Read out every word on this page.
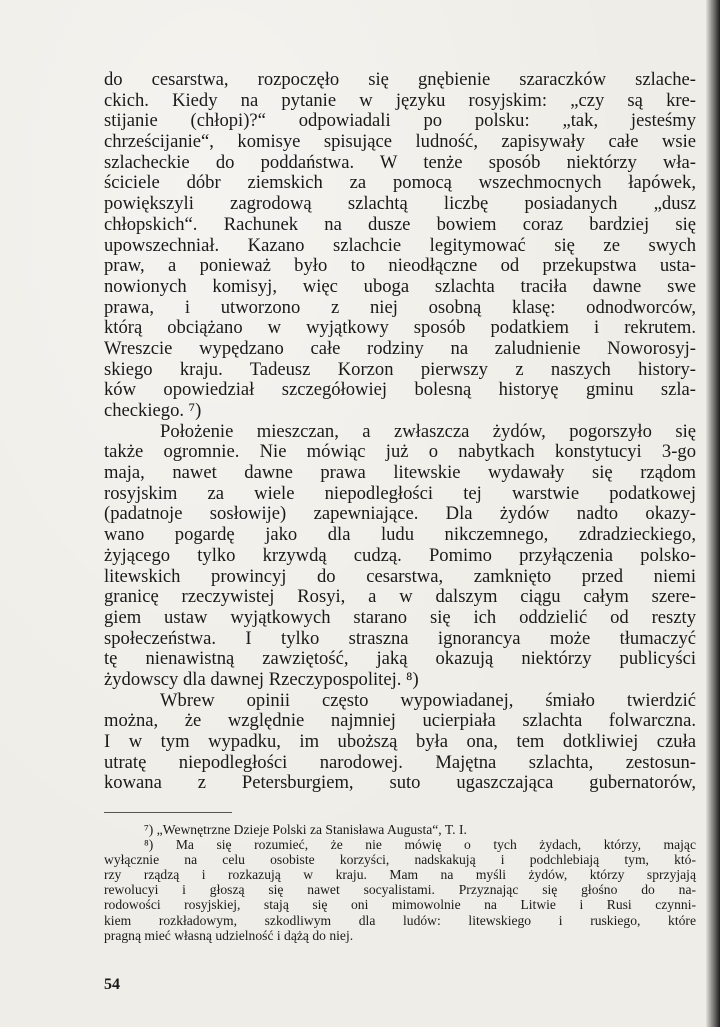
do cesarstwa, rozpoczęło się gnębienie szaraczków szlache-
ckich. Kiedy na pytanie w języku rosyjskim: „czy są kre-
stijanie (chłopi)?“ odpowiadali po polsku: „tak, jesteśmy
chrześcijanie“, komisye spisujące ludność, zapisywały całe wsie
szlacheckie do poddaństwa. W tenże sposób niektórzy wła-
ściciele dóbr ziemskich za pomocą wszechmocnych łapówek,
powiększyli zagrodową szlachtą liczbę posiadanych „dusz
chłopskich“. Rachunek na dusze bowiem coraz bardziej się
upowszechniał. Kazano szlachcie legitymować się ze swych
praw, a ponieważ było to nieodłączne od przekupstwa usta-
nowionych komisyj, więc uboga szlachta traciła dawne swe
prawa, i utworzono z niej osobną klasę: odnodworców,
którą obciążano w wyjątkowy sposób podatkiem i rekrutem.
Wreszcie wypędzano całe rodziny na zaludnienie Noworosyj-
skiego kraju. Tadeusz Korzon pierwszy z naszych history-
ków opowiedział szczegółowiej bolesną historyę gminu szla-
checkiego. ⁷)
Położenie mieszczan, a zwłaszcza żydów, pogorszyło się
także ogromnie. Nie mówiąc już o nabytkach konstytucyi 3-go
maja, nawet dawne prawa litewskie wydawały się rządom
rosyjskim za wiele niepodległości tej warstwie podatkowej
(padatnoje sosłowije) zapewniające. Dla żydów nadto okazy-
wano pogardę jako dla ludu nikczemnego, zdradzieckiego,
żyjącego tylko krzywdą cudzą. Pomimo przyłączenia polsko-
litewskich prowincyj do cesarstwa, zamknięto przed niemi
granicę rzeczywistej Rosyi, a w dalszym ciągu całym szere-
giem ustaw wyjątkowych starano się ich oddzielić od reszty
społeczeństwa. I tylko straszna ignorancya może tłumaczyć
tę nienawistną zawziętość, jaką okazują niektórzy publicyści
żydowscy dla dawnej Rzeczypospolitej. ⁸)
Wbrew opinii często wypowiadanej, śmiało twierdzić
można, że względnie najmniej ucierpiała szlachta folwarczna.
I w tym wypadku, im uboższą była ona, tem dotkliwiej czuła
utratę niepodległości narodowej. Majętna szlachta, zestosun-
kowana z Petersburgiem, suto ugaszczająca gubernatorów,
⁷) „Wewnętrzne Dzieje Polski za Stanisława Augusta“, T. I.
⁸) Ma się rozumieć, że nie mówię o tych żydach, którzy, mając
wyłącznie na celu osobiste korzyści, nadskakują i podchlebiają tym, któ-
rzy rządzą i rozkazują w kraju. Mam na myśli żydów, którzy sprzyjają
rewolucyi i głoszą się nawet socyalistami. Przyznając się głośno do na-
rodowości rosyjskiej, stają się oni mimowolnie na Litwie i Rusi czynni-
kiem rozkładowym, szkodliwym dla ludów: litewskiego i ruskiego, które
pragną mieć własną udzielność i dążą do niej.
54
